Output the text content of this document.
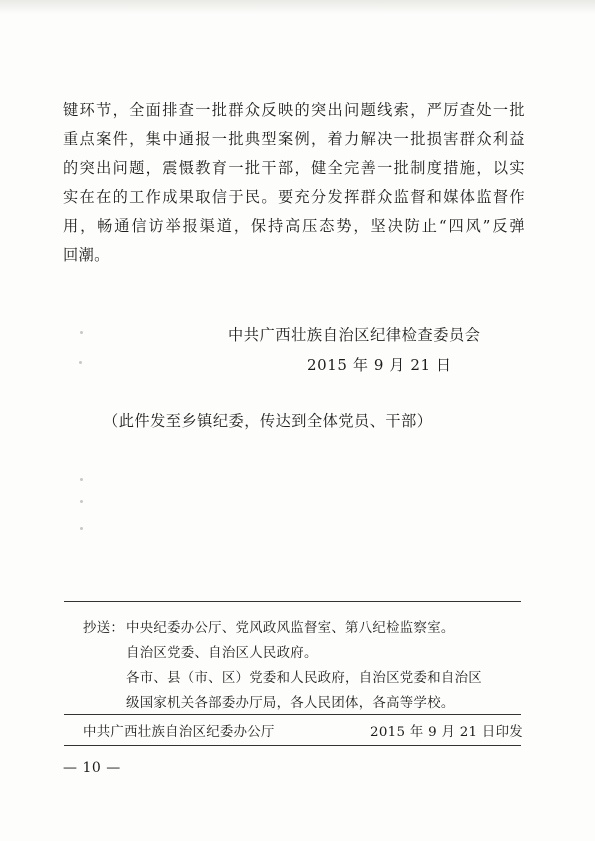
键环节，全面排查一批群众反映的突出问题线索，严厉查处一批
重点案件，集中通报一批典型案例，着力解决一批损害群众利益
的突出问题，震慑教育一批干部，健全完善一批制度措施，以实
实在在的工作成果取信于民。要充分发挥群众监督和媒体监督作
用，畅通信访举报渠道，保持高压态势，坚决防止“四风”反弹
回潮。
中共广西壮族自治区纪律检查委员会
2015 年 9 月 21 日
（此件发至乡镇纪委，传达到全体党员、干部）
抄送： 中央纪委办公厅、党风政风监督室、第八纪检监察室。
自治区党委、自治区人民政府。
各市、县（市、区）党委和人民政府，自治区党委和自治区
级国家机关各部委办厅局，各人民团体，各高等学校。
中共广西壮族自治区纪委办公厅	2015 年 9 月 21 日印发
— 10 —
